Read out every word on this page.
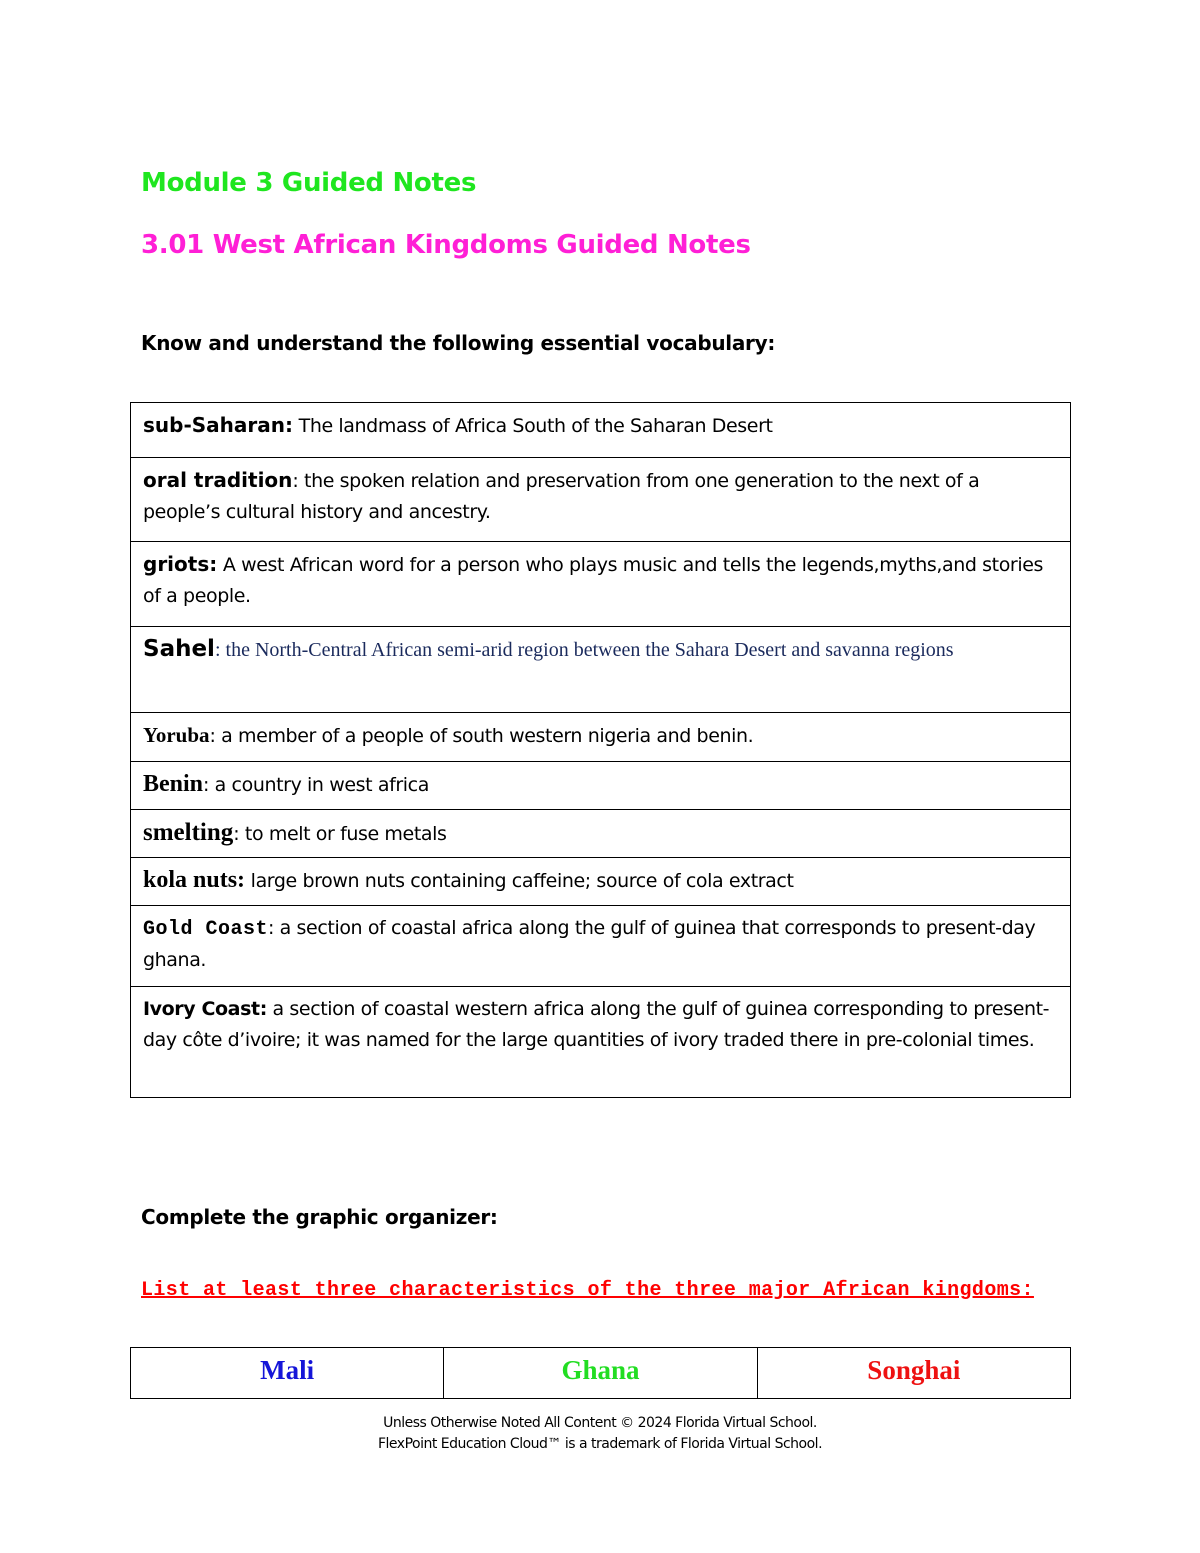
Module 3 Guided Notes
3.01 West African Kingdoms Guided Notes

Know and understand the following essential vocabulary:

sub-Saharan: The landmass of Africa South of the Saharan Desert
oral tradition: the spoken relation and preservation from one generation to the next of a people’s cultural history and ancestry.
griots: A west African word for a person who plays music and tells the legends,myths,and stories of a people.
Sahel: the North-Central African semi-arid region between the Sahara Desert and savanna regions
Yoruba: a member of a people of south western nigeria and benin.
Benin: a country in west africa
smelting: to melt or fuse metals
kola nuts: large brown nuts containing caffeine; source of cola extract
Gold Coast: a section of coastal africa along the gulf of guinea that corresponds to present-day ghana.
Ivory Coast: a section of coastal western africa along the gulf of guinea corresponding to present-day côte d’ivoire; it was named for the large quantities of ivory traded there in pre-colonial times.

Complete the graphic organizer:

List at least three characteristics of the three major African kingdoms:

Mali	Ghana	Songhai
Unless Otherwise Noted All Content © 2024 Florida Virtual School.
FlexPoint Education Cloud™ is a trademark of Florida Virtual School.
